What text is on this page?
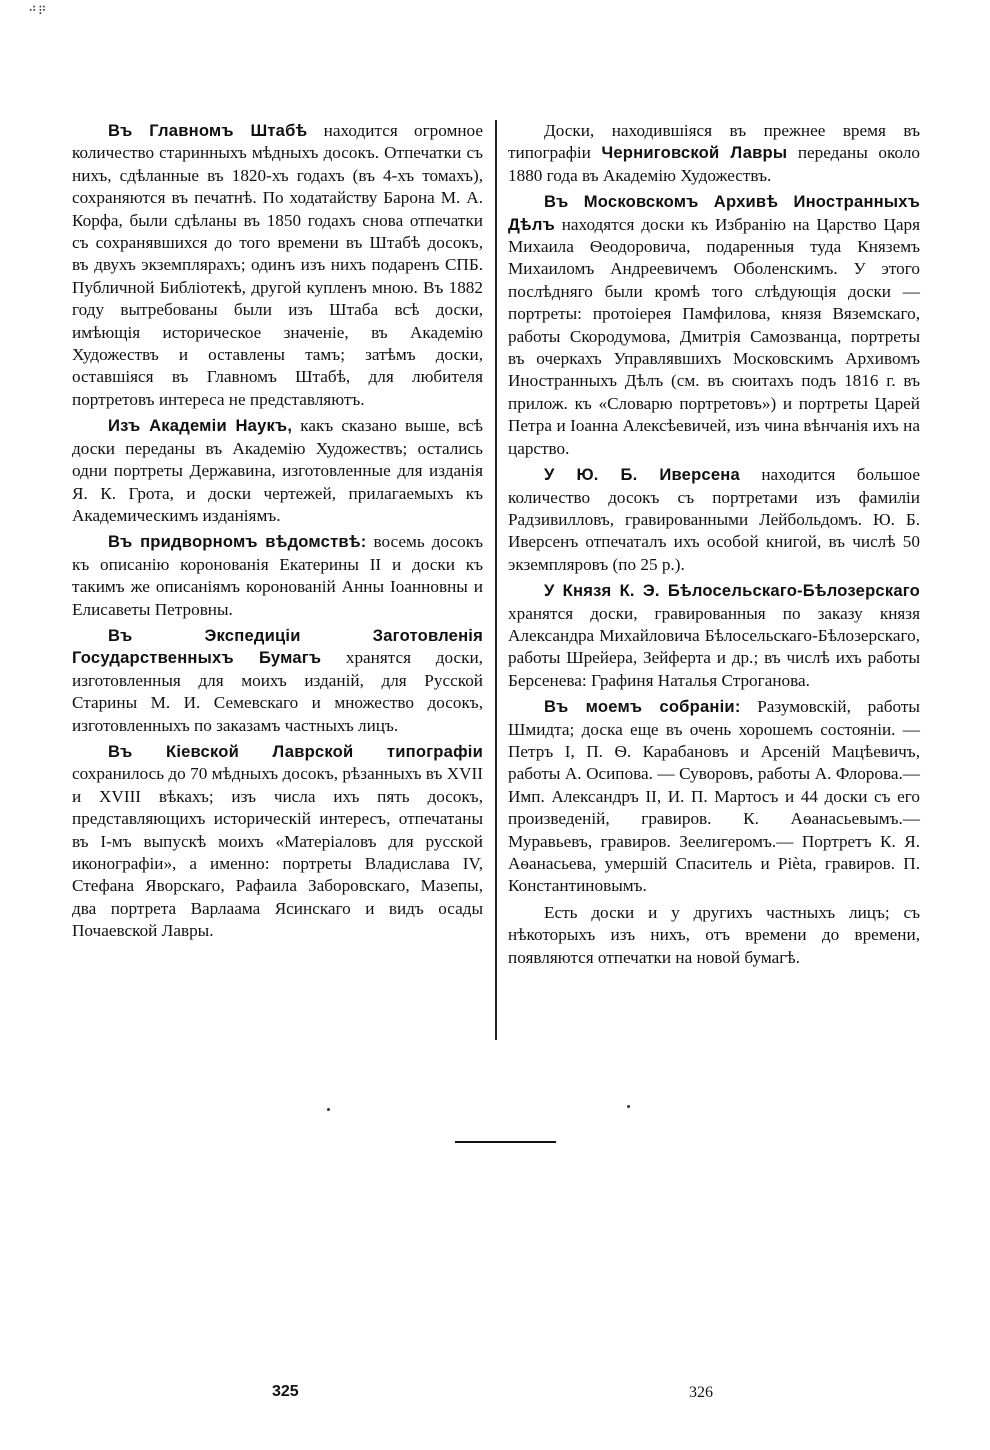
⠚⠟

Въ Главномъ Штабѣ находится огромное количество старинныхъ мѣдныхъ досокъ. Отпечатки съ нихъ, сдѣланные въ 1820-хъ годахъ (въ 4-хъ томахъ), сохраняются въ печатнѣ. По ходатайству Барона М. А. Корфа, были сдѣланы въ 1850 годахъ снова отпечатки съ сохранявшихся до того времени въ Штабѣ досокъ, въ двухъ экземплярахъ; одинъ изъ нихъ подаренъ СПБ. Публичной Библіотекѣ, другой купленъ мною. Въ 1882 году вытребованы были изъ Штаба всѣ доски, имѣющія историческое значеніе, въ Академію Художествъ и оставлены тамъ; затѣмъ доски, оставшіяся въ Главномъ Штабѣ, для любителя портретовъ интереса не представляютъ.

Изъ Академіи Наукъ, какъ сказано выше, всѣ доски переданы въ Академію Художествъ; остались одни портреты Державина, изготовленные для изданія Я. К. Грота, и доски чертежей, прилагаемыхъ къ Академическимъ изданіямъ.

Въ придворномъ вѣдомствѣ: восемь досокъ къ описанію коронованія Екатерины II и доски къ такимъ же описаніямъ коронованій Анны Іоанновны и Елисаветы Петровны.

Въ Экспедиціи Заготовленія Государственныхъ Бумагъ хранятся доски, изготовленныя для моихъ изданій, для Русской Старины М. И. Семевскаго и множество досокъ, изготовленныхъ по заказамъ частныхъ лицъ.

Въ Кіевской Лаврской типографіи сохранилось до 70 мѣдныхъ досокъ, рѣзанныхъ въ XVII и XVIII вѣкахъ; изъ числа ихъ пять досокъ, представляющихъ историческій интересъ, отпечатаны въ I-мъ выпускѣ моихъ «Матеріаловъ для русской иконографіи», а именно: портреты Владислава IV, Стефана Яворскаго, Рафаила Заборовскаго, Мазепы, два портрета Варлаама Ясинскаго и видъ осады Почаевской Лавры.

Доски, находившіяся въ прежнее время въ типографіи Черниговской Лавры переданы около 1880 года въ Академію Художествъ.

Въ Московскомъ Архивѣ Иностранныхъ Дѣлъ находятся доски къ Избранію на Царство Царя Михаила Ѳеодоровича, подаренныя туда Княземъ Михаиломъ Андреевичемъ Оболенскимъ. У этого послѣдняго были кромѣ того слѣдующія доски — портреты: протоіерея Памфилова, князя Вяземскаго, работы Скородумова, Дмитрія Самозванца, портреты въ очеркахъ Управлявшихъ Московскимъ Архивомъ Иностранныхъ Дѣлъ (см. въ сюитахъ подъ 1816 г. въ прилож. къ «Словарю портретовъ») и портреты Царей Петра и Іоанна Алексѣевичей, изъ чина вѣнчанія ихъ на царство.

У Ю. Б. Иверсена находится большое количество досокъ съ портретами изъ фамиліи Радзивилловъ, гравированными Лейбольдомъ. Ю. Б. Иверсенъ отпечаталъ ихъ особой книгой, въ числѣ 50 экземпляровъ (по 25 р.).

У Князя К. Э. Бѣлосельскаго-Бѣлозерскаго хранятся доски, гравированныя по заказу князя Александра Михайловича Бѣлосельскаго-Бѣлозерскаго, работы Шрейера, Зейферта и др.; въ числѣ ихъ работы Берсенева: Графиня Наталья Строганова.

Въ моемъ собраніи: Разумовскій, работы Шмидта; доска еще въ очень хорошемъ состояніи. — Петръ I, П. Ѳ. Карабановъ и Арсеній Мацѣевичъ, работы А. Осипова. — Суворовъ, работы А. Флорова.—Имп. Александръ II, И. П. Мартосъ и 44 доски съ его произведеній, гравиров. К. Аѳанасьевымъ.—Муравьевъ, гравиров. Зеелигеромъ.— Портретъ К. Я. Аѳанасьева, умершій Спаситель и Pièta, гравиров. П. Константиновымъ.

Есть доски и у другихъ частныхъ лицъ; съ нѣкоторыхъ изъ нихъ, отъ времени до времени, появляются отпечатки на новой бумагѣ.

325	326
